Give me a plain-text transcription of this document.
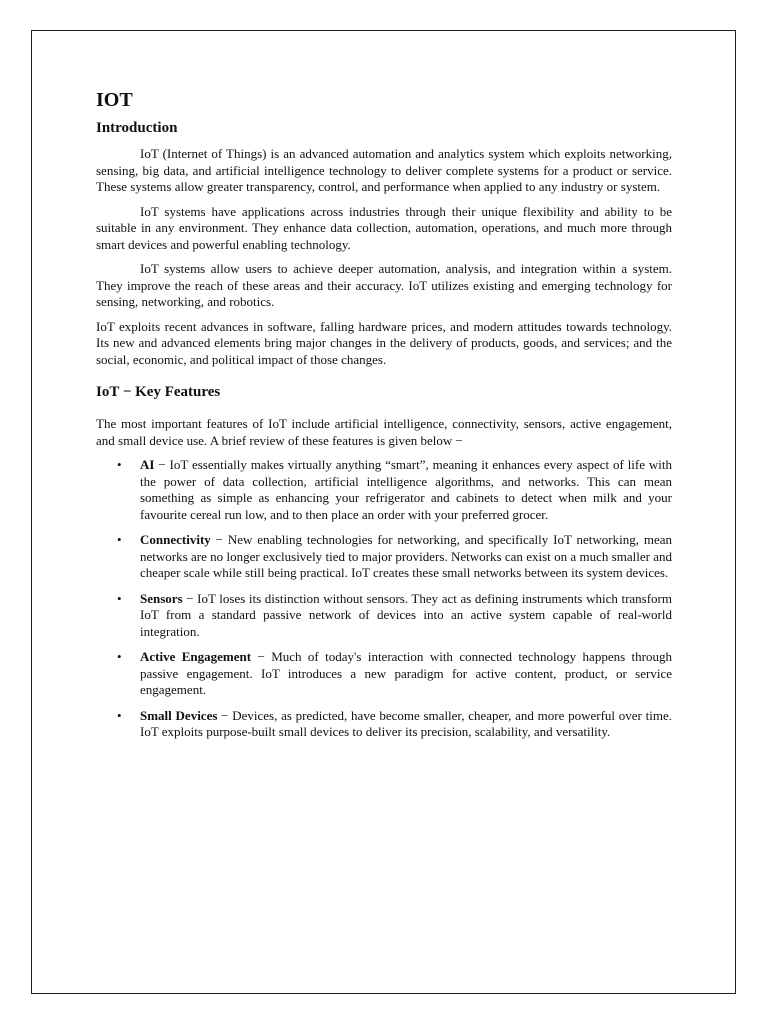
IOT
Introduction

IoT (Internet of Things) is an advanced automation and analytics system which exploits networking, sensing, big data, and artificial intelligence technology to deliver complete systems for a product or service. These systems allow greater transparency, control, and performance when applied to any industry or system.

IoT systems have applications across industries through their unique flexibility and ability to be suitable in any environment. They enhance data collection, automation, operations, and much more through smart devices and powerful enabling technology.

IoT systems allow users to achieve deeper automation, analysis, and integration within a system. They improve the reach of these areas and their accuracy. IoT utilizes existing and emerging technology for sensing, networking, and robotics.

IoT exploits recent advances in software, falling hardware prices, and modern attitudes towards technology. Its new and advanced elements bring major changes in the delivery of products, goods, and services; and the social, economic, and political impact of those changes.

IoT − Key Features

The most important features of IoT include artificial intelligence, connectivity, sensors, active engagement, and small device use. A brief review of these features is given below −

• AI − IoT essentially makes virtually anything “smart”, meaning it enhances every aspect of life with the power of data collection, artificial intelligence algorithms, and networks. This can mean something as simple as enhancing your refrigerator and cabinets to detect when milk and your favourite cereal run low, and to then place an order with your preferred grocer.
• Connectivity − New enabling technologies for networking, and specifically IoT networking, mean networks are no longer exclusively tied to major providers. Networks can exist on a much smaller and cheaper scale while still being practical. IoT creates these small networks between its system devices.
• Sensors − IoT loses its distinction without sensors. They act as defining instruments which transform IoT from a standard passive network of devices into an active system capable of real-world integration.
• Active Engagement − Much of today's interaction with connected technology happens through passive engagement. IoT introduces a new paradigm for active content, product, or service engagement.
• Small Devices − Devices, as predicted, have become smaller, cheaper, and more powerful over time. IoT exploits purpose-built small devices to deliver its precision, scalability, and versatility.
